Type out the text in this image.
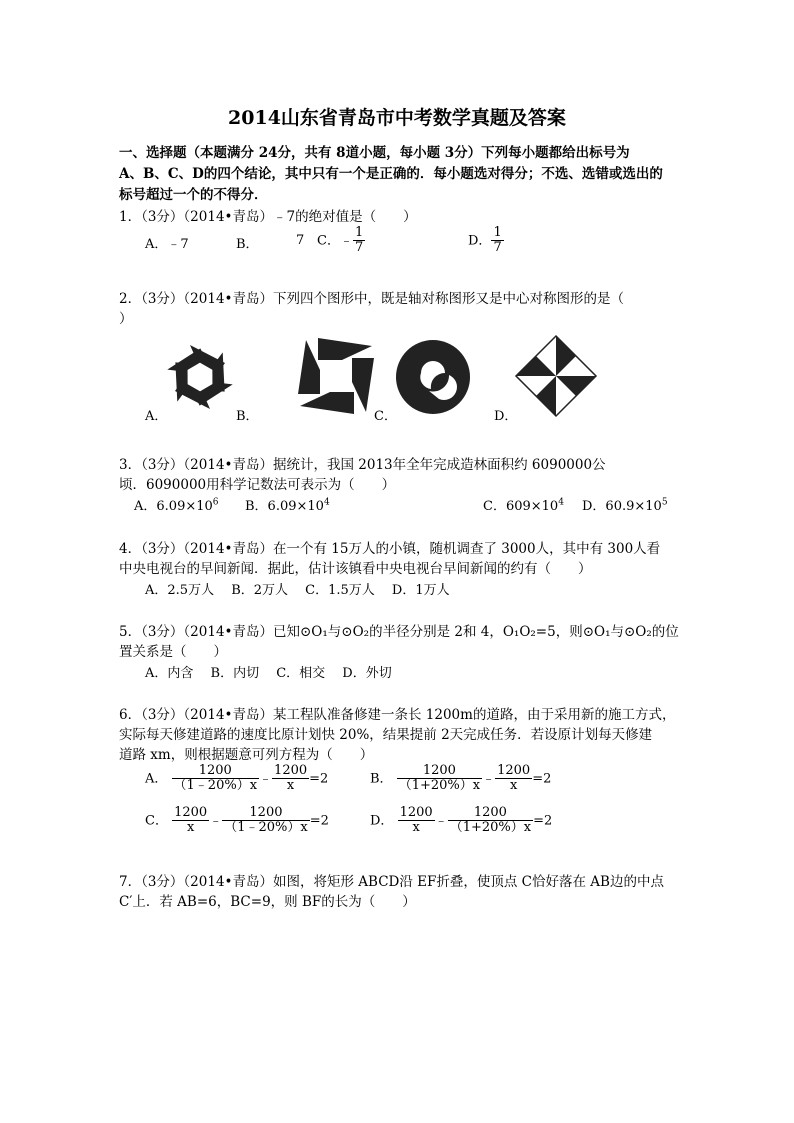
2014山东省青岛市中考数学真题及答案
一、选择题（本题满分 24分，共有 8道小题，每小题 3分）下列每小题都给出标号为
A、B、C、D的四个结论，其中只有一个是正确的．每小题选对得分；不选、选错或选出的
标号超过一个的不得分．
1．（3分）（2014•青岛）﹣7的绝对值是（　　）
A．﹣7	B．	7 C．﹣ $\frac{1}{7}$	D． $\frac{1}{7}$
2．（3分）（2014•青岛）下列四个图形中，既是轴对称图形又是中心对称图形的是（
）
A．	B．	C．	D．
3．（3分）（2014•青岛）据统计，我国 2013年全年完成造林面积约 6090000公
顷．6090000用科学记数法可表示为（　　）
A．$6.09\times 10^6$ B．$6.09\times 10^4$	C．$609\times 10^4$ D．$60.9\times 10^5$
4．（3分）（2014•青岛）在一个有 15万人的小镇，随机调查了 3000人，其中有 300人看
中央电视台的早间新闻．据此，估计该镇看中央电视台早间新闻的约有（　　）
A．2.5万人　 B．2万人　 C．1.5万人　 D．1万人
5．（3分）（2014•青岛）已知⊙O₁与⊙O₂的半径分别是 2和 4，O₁O₂=5，则⊙O₁与⊙O₂的位
置关系是（　　）
A．内含　 B．内切　 C．相交　 D．外切
6．（3分）（2014•青岛）某工程队准备修建一条长 1200m的道路，由于采用新的施工方式，
实际每天修建道路的速度比原计划快 20%，结果提前 2天完成任务．若设原计划每天修建
道路 xm，则根据题意可列方程为（　　）
A． $\frac{1200}{(1﹣20\%)x}$ ﹣ $\frac{1200}{x} =2$	B． $\frac{1200}{(1+20\%)x}$ ﹣ $\frac{1200}{x} =2$
C． $\frac{1200}{x}$ ﹣ $\frac{1200}{(1﹣20\%)x} =2$	D． $\frac{1200}{x}$ ﹣ $\frac{1200}{(1+20\%)x} =2$
7．（3分）（2014•青岛）如图，将矩形 ABCD沿 EF折叠，使顶点 C恰好落在 AB边的中点
C′上．若 AB=6，BC=9，则 BF的长为（　　）
